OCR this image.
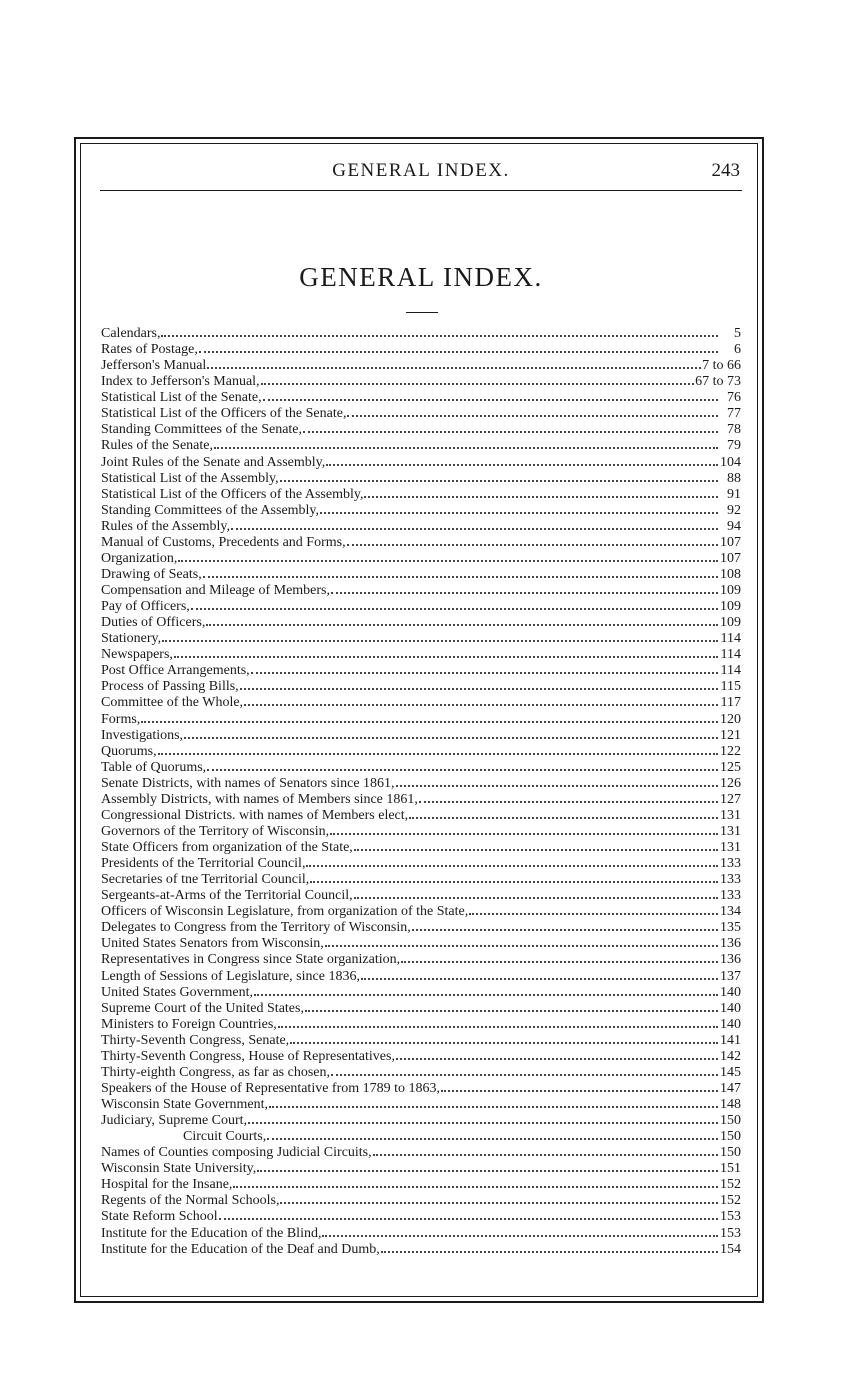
GENERAL INDEX.	243
GENERAL INDEX.
Calendars,	5
Rates of Postage,	6
Jefferson's Manual	7 to 66
Index to Jefferson's Manual,	67 to 73
Statistical List of the Senate,	76
Statistical List of the Officers of the Senate,	77
Standing Committees of the Senate,	78
Rules of the Senate,	79
Joint Rules of the Senate and Assembly,	104
Statistical List of the Assembly,	88
Statistical List of the Officers of the Assembly,	91
Standing Committees of the Assembly,	92
Rules of the Assembly,	94
Manual of Customs, Precedents and Forms,	107
Organization,	107
Drawing of Seats,	108
Compensation and Mileage of Members,	109
Pay of Officers,	109
Duties of Officers,	109
Stationery,	114
Newspapers,	114
Post Office Arrangements,	114
Process of Passing Bills,	115
Committee of the Whole,	117
Forms,	120
Investigations,	121
Quorums,	122
Table of Quorums,	125
Senate Districts, with names of Senators since 1861,	126
Assembly Districts, with names of Members since 1861,	127
Congressional Districts. with names of Members elect,	131
Governors of the Territory of Wisconsin,	131
State Officers from organization of the State,	131
Presidents of the Territorial Council,	133
Secretaries of tne Territorial Council,	133
Sergeants-at-Arms of the Territorial Council,	133
Officers of Wisconsin Legislature, from organization of the State,	134
Delegates to Congress from the Territory of Wisconsin,	135
United States Senators from Wisconsin,	136
Representatives in Congress since State organization,	136
Length of Sessions of Legislature, since 1836,	137
United States Government,	140
Supreme Court of the United States,	140
Ministers to Foreign Countries,	140
Thirty-Seventh Congress, Senate,	141
Thirty-Seventh Congress, House of Representatives,	142
Thirty-eighth Congress, as far as chosen,	145
Speakers of the House of Representative from 1789 to 1863,	147
Wisconsin State Government,	148
Judiciary, Supreme Court,	150
Circuit Courts,	150
Names of Counties composing Judicial Circuits,	150
Wisconsin State University,	151
Hospital for the Insane,	152
Regents of the Normal Schools,	152
State Reform School	153
Institute for the Education of the Blind,	153
Institute for the Education of the Deaf and Dumb,	154
